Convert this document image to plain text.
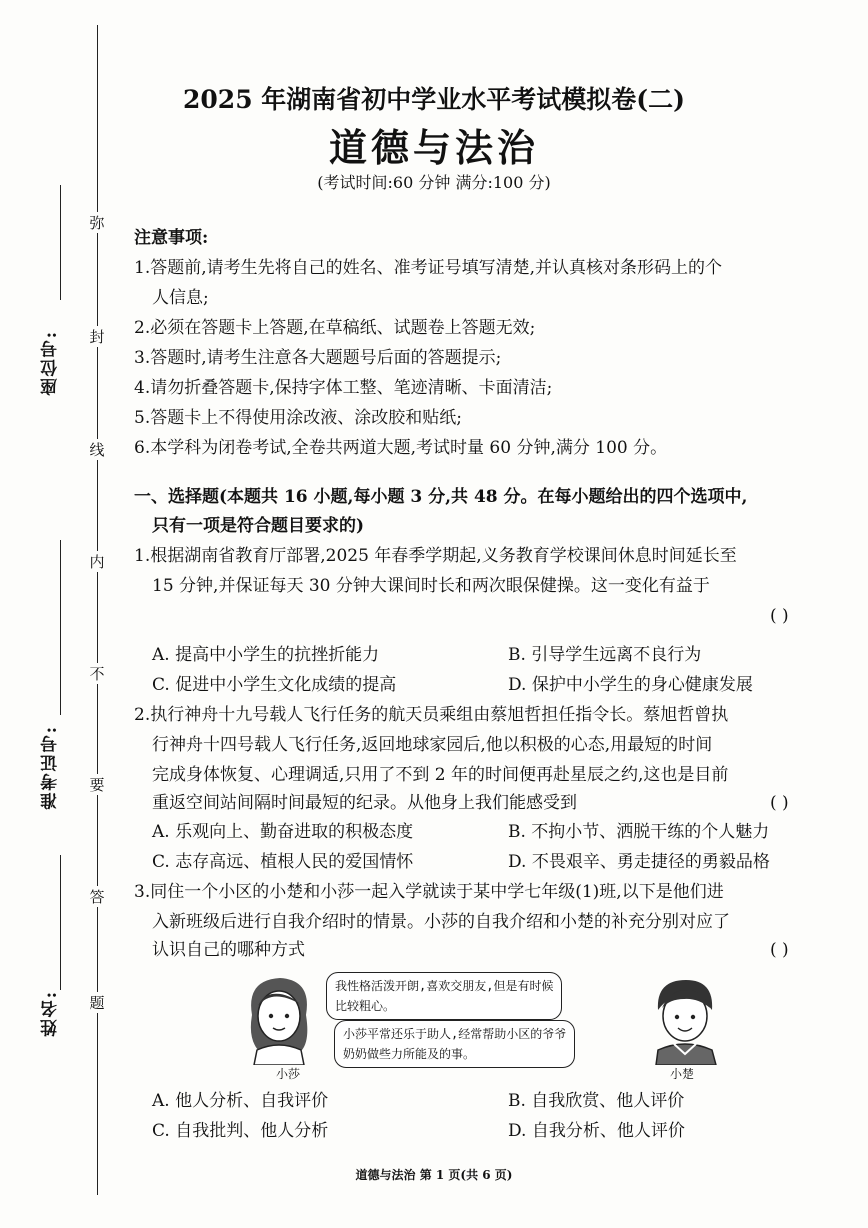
弥
封
线
内
不
要
答
题
座位号:
准考证号:
姓名:
2025 年湖南省初中学业水平考试模拟卷(二)
道德与法治
(考试时间:60 分钟 满分:100 分)
注意事项:
1.答题前,请考生先将自己的姓名、准考证号填写清楚,并认真核对条形码上的个
人信息;
2.必须在答题卡上答题,在草稿纸、试题卷上答题无效;
3.答题时,请考生注意各大题题号后面的答题提示;
4.请勿折叠答题卡,保持字体工整、笔迹清晰、卡面清洁;
5.答题卡上不得使用涂改液、涂改胶和贴纸;
6.本学科为闭卷考试,全卷共两道大题,考试时量 60 分钟,满分 100 分。
一、选择题(本题共 16 小题,每小题 3 分,共 48 分。在每小题给出的四个选项中,
只有一项是符合题目要求的)
1.根据湖南省教育厅部署,2025 年春季学期起,义务教育学校课间休息时间延长至
15 分钟,并保证每天 30 分钟大课间时长和两次眼保健操。这一变化有益于
( )
A. 提高中小学生的抗挫折能力	B. 引导学生远离不良行为
C. 促进中小学生文化成绩的提高	D. 保护中小学生的身心健康发展
2.执行神舟十九号载人飞行任务的航天员乘组由蔡旭哲担任指令长。蔡旭哲曾执
行神舟十四号载人飞行任务,返回地球家园后,他以积极的心态,用最短的时间
完成身体恢复、心理调适,只用了不到 2 年的时间便再赴星辰之约,这也是目前
重返空间站间隔时间最短的纪录。从他身上我们能感受到	( )
A. 乐观向上、勤奋进取的积极态度	B. 不拘小节、洒脱干练的个人魅力
C. 志存高远、植根人民的爱国情怀	D. 不畏艰辛、勇走捷径的勇毅品格
3.同住一个小区的小楚和小莎一起入学就读于某中学七年级(1)班,以下是他们进
入新班级后进行自我介绍时的情景。小莎的自我介绍和小楚的补充分别对应了
认识自己的哪种方式	( )
小莎
我性格活泼开朗,喜欢交朋友,但是有时候
比较粗心。
小莎平常还乐于助人,经常帮助小区的爷爷
奶奶做些力所能及的事。
小楚
A. 他人分析、自我评价	B. 自我欣赏、他人评价
C. 自我批判、他人分析	D. 自我分析、他人评价
道德与法治 第 1 页(共 6 页)
